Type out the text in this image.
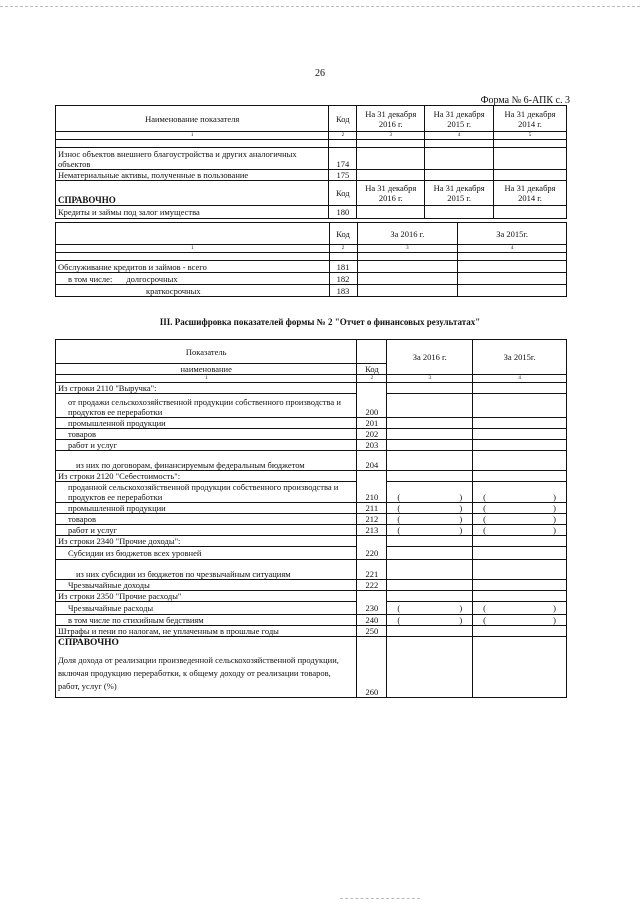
26
Форма № 6-АПК с. 3
Наименование показателя	Код	На 31 декабря 2016 г.	На 31 декабря 2015 г.	На 31 декабря 2014 г.
1	2	3	4	5

Износ объектов внешнего благоустройства и других аналогичных объектов	174			
Нематериальные активы, полученные в пользование	175			
СПРАВОЧНО	Код	На 31 декабря 2016 г.	На 31 декабря 2015 г.	На 31 декабря 2014 г.
Кредиты и займы под залог имущества	180			
	Код	За 2016 г.	За 2015г.
1	2	3	4

Обслуживание кредитов и займов - всего	181		
в том числе: долгосрочных	182		
краткосрочных	183		
III. Расшифровка показателей формы № 2 "Отчет о финансовых результатах"
Показатель		За 2016 г.	За 2015г.
наименование	Код		
1	2	3	4
Из строки 2110 "Выручка":			
от продажи сельскохозяйственной продукции собственного производства и продуктов ее переработки	200		
промышленной продукции	201		
товаров	202		
работ и услуг	203		
из них по договорам, финансируемым федеральным бюджетом	204		
Из строки 2120 "Себестоимость":			
проданной сельскохозяйственной продукции собственного производства и продуктов ее переработки	210	( )	( )

промышленной продукции	211	( )	( )

товаров	212	( )	( )

работ и услуг	213	( )	( )

Из строки 2340 "Прочие доходы":			
Субсидии из бюджетов всех уровней	220		
из них субсидии из бюджетов по чрезвычайным ситуациям	221		
Чрезвычайные доходы	222		
Из строки 2350 "Прочие расходы"			
Чрезвычайные расходы	230	( )	( )

в том числе по стихийным бедствиям	240	( )	( )

Штрафы и пени по налогам, не уплаченным в прошлые годы	250		
СПРАВОЧНО			
Доля дохода от реализации произведенной сельскохозяйственной продукции, включая продукцию переработки, к общему доходу от реализации товаров, работ, услуг (%)	260		
